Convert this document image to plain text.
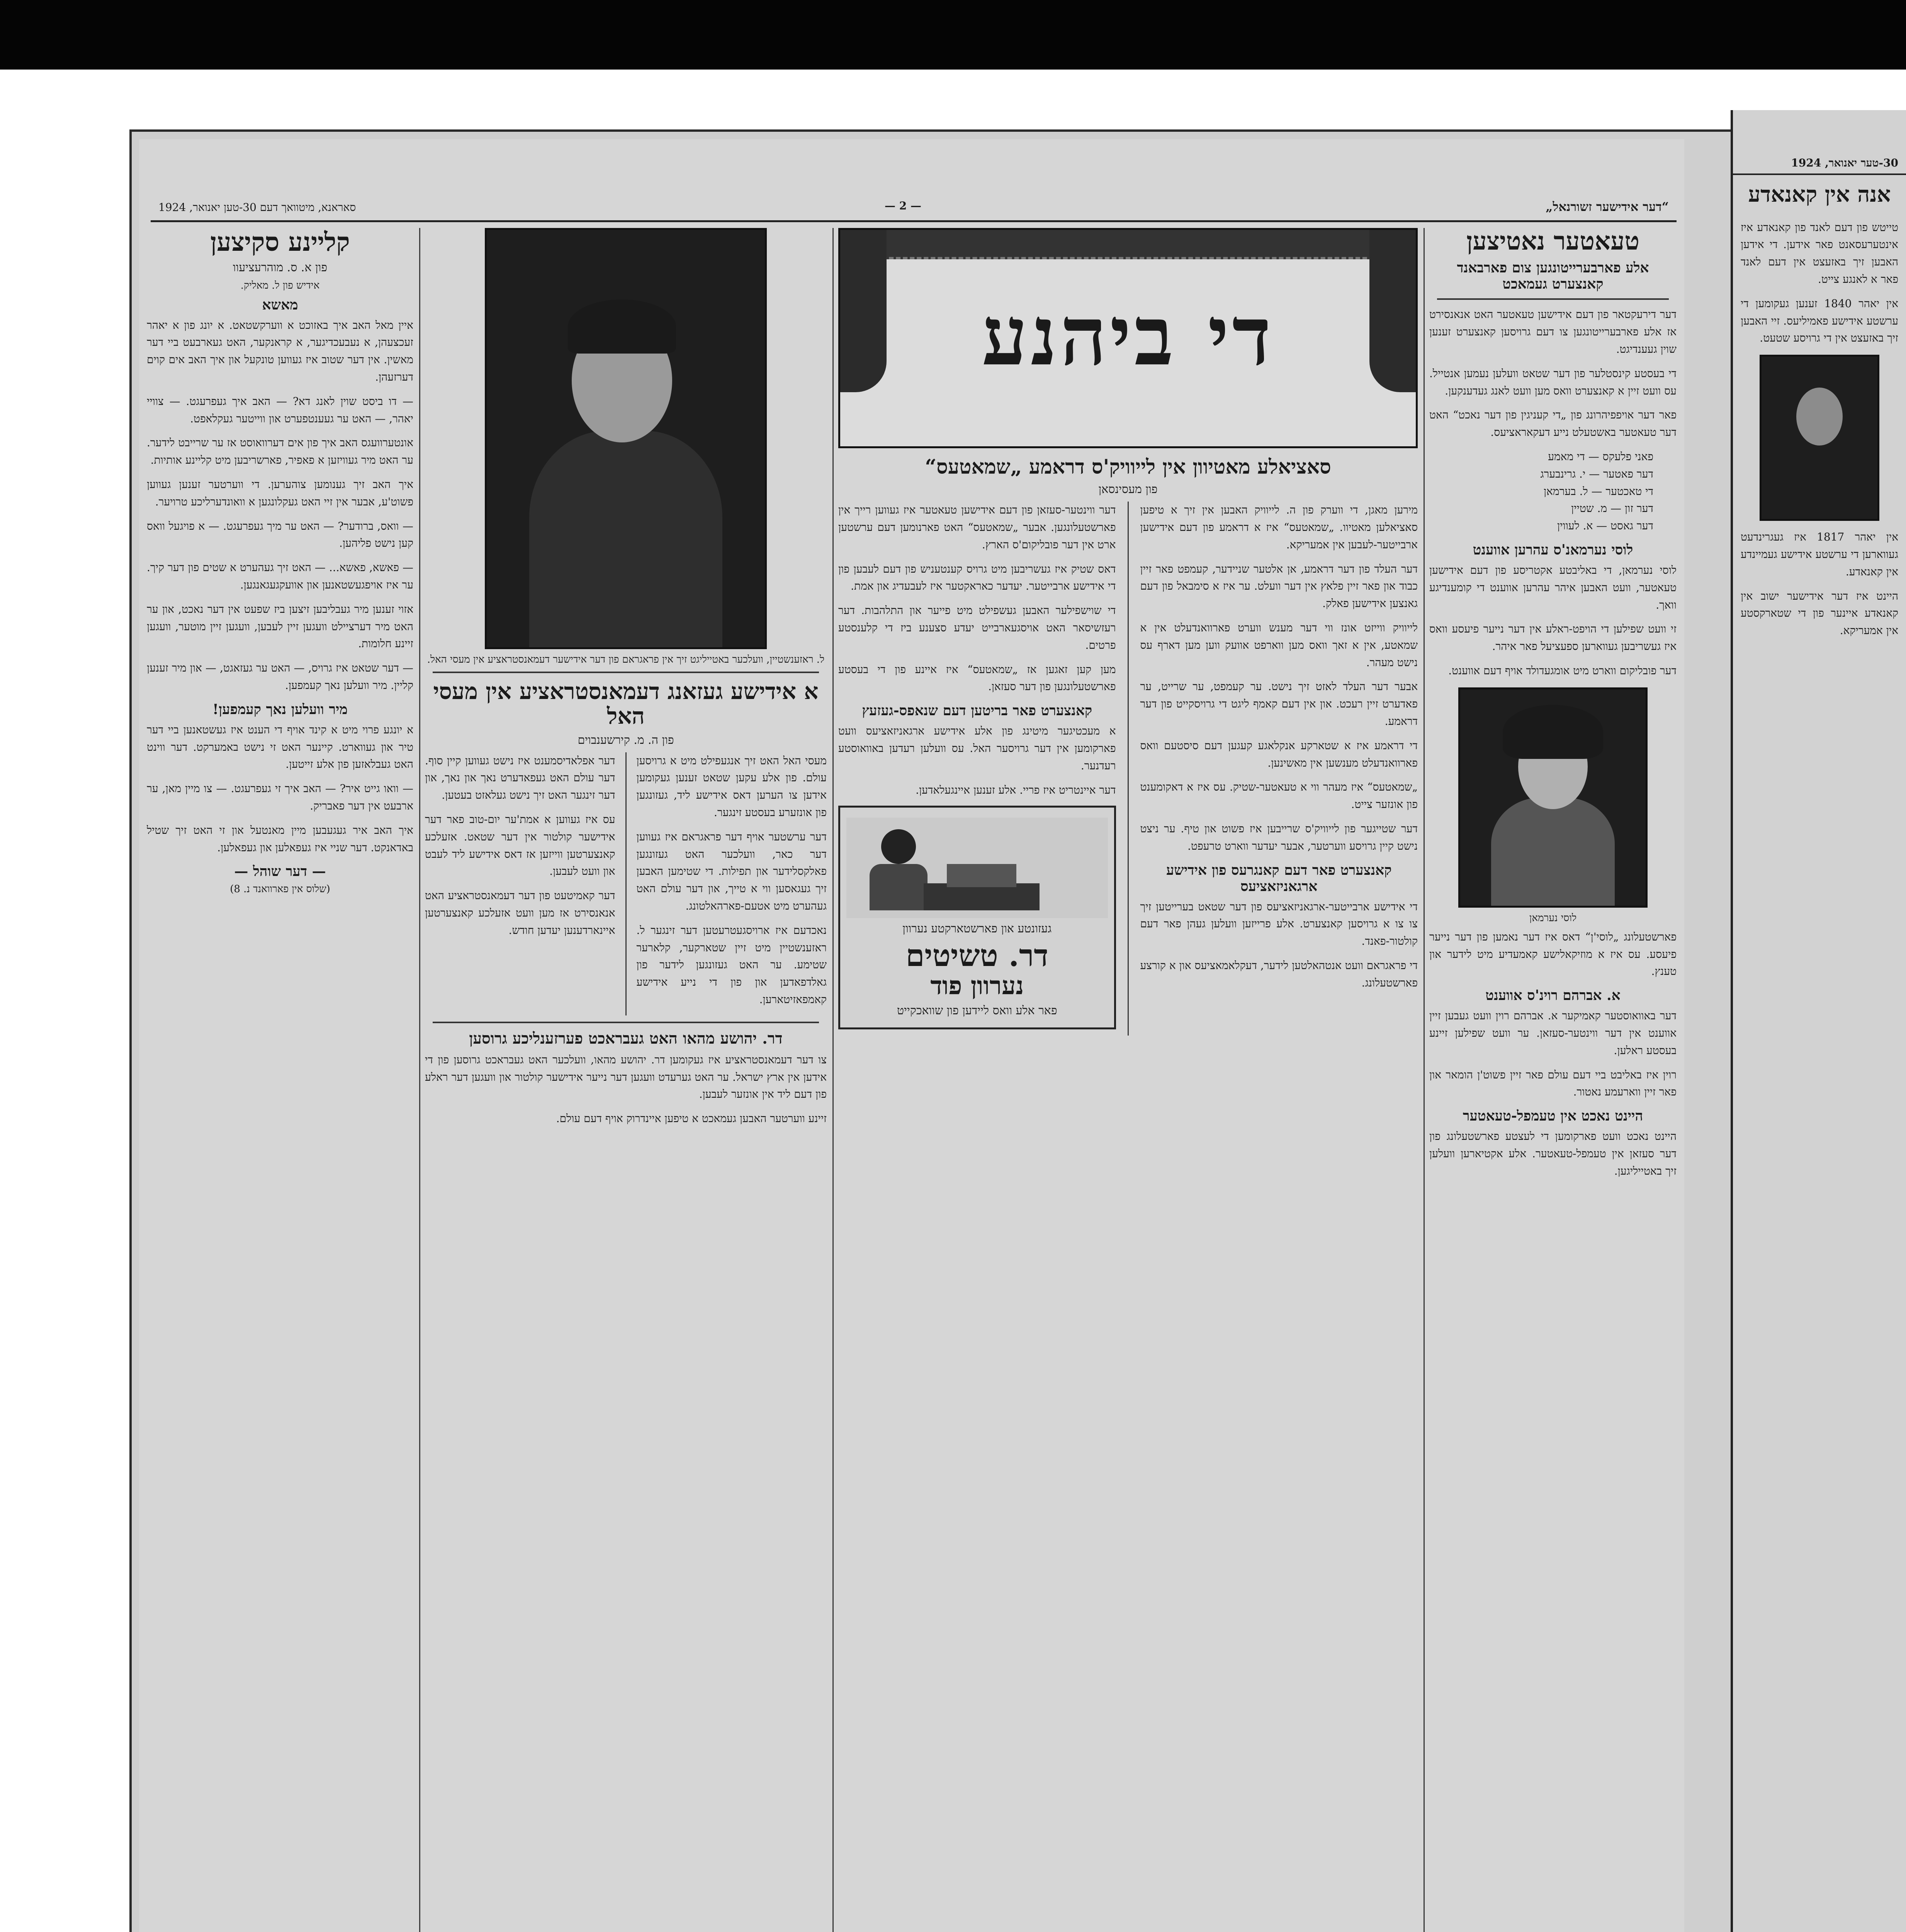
סאראנא, מיטוואך דעם 30-טען יאנואר, 1924	— 2 —	„דער אידישער זשורנאל“
טעאטער נאטיצען
אלע פארבערייטונגען צום פארבאנד קאנצערט געמאכט

דער דירעקטאר פון דעם אידישען טעאטער האט אנאנסירט אז אלע פארבערייטונגען צו דעם גרויסען קאנצערט זענען שוין געענדיגט.

די בעסטע קינסטלער פון דער שטאט וועלען נעמען אנטייל. עס וועט זיין א קאנצערט וואס מען וועט לאנג געדענקען.

פאר דער אויפפיהרונג פון „די קעניגין פון דער נאכט“ האט דער טעאטער באשטעלט נייע דעקאראציעס.

פאני פלעקס — די מאמע
דער פאטער — י. גרינבערג
די טאכטער — ל. בערמאן
דער זון — מ. שטיין
דער גאסט — א. לעווין
לוסי נערמאנ'ס עהרען אווענט

לוסי נערמאן, די באליבטע אקטריסע פון דעם אידישען טעאטער, וועט האבען איהר עהרען אווענט די קומענדיגע וואך.

זי וועט שפילען די הויפט-ראלע אין דער נייער פיעסע וואס איז געשריבען געווארען ספעציעל פאר איהר.

דער פובליקום ווארט מיט אומגעדולד אויף דעם אווענט.

לוסי נערמאן

פארשטעלונג „לוסי'ן“ דאס איז דער נאמען פון דער נייער פיעסע. עס איז א מוזיקאלישע קאמעדיע מיט לידער און טענץ.

א. אברהם רוינ'ס אווענט

דער באוואוסטער קאמיקער א. אברהם רוין וועט געבען זיין אווענט אין דער ווינטער-סעזאן. ער וועט שפילען זיינע בעסטע ראלען.

רוין איז באליבט ביי דעם עולם פאר זיין פשוט'ן הומאר און פאר זיין ווארעמע נאטור.

היינט נאכט אין טעמפל-טעאטער

היינט נאכט וועט פארקומען די לעצטע פארשטעלונג פון דער סעזאן אין טעמפל-טעאטער. אלע אקטיארען וועלען זיך באטייליגען.

די ביהנע
סאציאלע מאטיוון אין לייוויק'ס דראמע „שמאטעס“
פון מעסינסאן

מירען מאגן, די ווערק פון ה. לייוויק האבען אין זיך א טיפען סאציאלען מאטיוו. „שמאטעס“ איז א דראמע פון דעם אידישען ארבייטער-לעבען אין אמעריקא.

דער העלד פון דער דראמע, אן אלטער שניידער, קעמפט פאר זיין כבוד און פאר זיין פלאץ אין דער וועלט. ער איז א סימבאל פון דעם גאנצען אידישען פאלק.

לייוויק ווייזט אונז ווי דער מענש ווערט פארוואנדעלט אין א שמאטע, אין א זאך וואס מען ווארפט אוועק ווען מען דארף עס נישט מעהר.

אבער דער העלד לאזט זיך נישט. ער קעמפט, ער שרייט, ער פאדערט זיין רעכט. און אין דעם קאמף ליגט די גרויסקייט פון דער דראמע.

די דראמע איז א שטארקע אנקלאגע קעגען דעם סיסטעם וואס פארוואנדעלט מענשען אין מאשינען.

„שמאטעס“ איז מעהר ווי א טעאטער-שטיק. עס איז א דאקומענט פון אונזער צייט.

דער שטייגער פון לייוויק'ס שרייבען איז פשוט און טיף. ער ניצט נישט קיין גרויסע ווערטער, אבער יעדער ווארט טרעפט.

קאנצערט פאר דעם קאנגרעס פון אידישע ארגאניזאציעס

די אידישע ארבייטער-ארגאניזאציעס פון דער שטאט בערייטען זיך צו צו א גרויסען קאנצערט. אלע פרייזען וועלען געהן פאר דעם קולטור-פאנד.

די פראגראם וועט אנטהאלטען לידער, דעקלאמאציעס און א קורצע פארשטעלונג.

דער ווינטער-סעזאן פון דעם אידישען טעאטער איז געווען רייך אין פארשטעלונגען. אבער „שמאטעס“ האט פארנומען דעם ערשטען ארט אין דער פובליקום'ס הארץ.

דאס שטיק איז געשריבען מיט גרויס קענטעניש פון דעם לעבען פון די אידישע ארבייטער. יעדער כאראקטער איז לעבעדיג און אמת.

די שוישפילער האבען געשפילט מיט פייער און התלהבות. דער רעזשיסאר האט אויסגעארבייט יעדע סצענע ביז די קלענסטע פרטים.

מען קען זאגען אז „שמאטעס“ איז איינע פון די בעסטע פארשטעלונגען פון דער סעזאן.

קאנצערט פאר בריטען דעם שנאפס-געזעץ

א מעכטיגער מיטינג פון אלע אידישע ארגאניזאציעס וועט פארקומען אין דער גרויסער האל. עס וועלען רעדען באוואוסטע רעדנער.

דער איינטריט איז פריי. אלע זענען איינגעלאדען.

געזונטע און פארשטארקטע נערוון
דר. טשיטים
נערוון פוד
פאר אלע וואס ליידען פון שוואכקייט
ל. ראזענשטיין, וועלכער באטייליגט זיך אין פראגראם פון דער אידישער דעמאנסטראציע אין מעסי האל.
א אידישע געזאנג דעמאנסטראציע אין מעסי האל
פון ה. מ. קירשענבוים

מעסי האל האט זיך אנגעפילט מיט א גרויסען עולם. פון אלע עקען שטאט זענען געקומען אידען צו הערען דאס אידישע ליד, געזונגען פון אונזערע בעסטע זינגער.

דער ערשטער אויף דער פראגראם איז געווען דער כאר, וועלכער האט געזונגען פאלקסלידער און תפילות. די שטימען האבען זיך געגאסען ווי א טייך, און דער עולם האט געהערט מיט אטעם-פארהאלטונג.

נאכדעם איז ארויסגעטרעטען דער זינגער ל. ראזענשטיין מיט זיין שטארקער, קלארער שטימע. ער האט געזונגען לידער פון גאלדפאדען און פון די נייע אידישע קאמפאזיטארען.

דער אפלאדיסמענט איז נישט געווען קיין סוף. דער עולם האט געפאדערט נאך און נאך, און דער זינגער האט זיך נישט געלאזט בעטען.

עס איז געווען א אמת'ער יום-טוב פאר דער אידישער קולטור אין דער שטאט. אזעלכע קאנצערטען ווייזען אז דאס אידישע ליד לעבט און וועט לעבען.

דער קאמיטעט פון דער דעמאנסטראציע האט אנאנסירט אז מען וועט אזעלכע קאנצערטען איינארדענען יעדען חודש.

דר. יהושע מהאו האט געבראכט פערזענליכע גרוסען

צו דער דעמאנסטראציע איז געקומען דר. יהושע מהאו, וועלכער האט געבראכט גרוסען פון די אידען אין ארץ ישראל. ער האט גערעדט וועגען דער נייער אידישער קולטור און וועגען דער ראלע פון דעם ליד אין אונזער לעבען.

זיינע ווערטער האבען געמאכט א טיפען איינדרוק אויף דעם עולם.

קליינע סקיצען
פון א. ס. מוהרעציעוו
אידיש פון ל. מאליק.
מאשא

איין מאל האב איך באזוכט א ווערקשטאט. א יונג פון א יאהר זעכצעהן, א נעבעכדיגער, א קראנקער, האט געארבעט ביי דער מאשין. אין דער שטוב איז געווען טונקעל און איך האב אים קוים דערזעהן.

— דו ביסט שוין לאנג דא? — האב איך געפרעגט. — צוויי יאהר, — האט ער געענטפערט און ווייטער געקלאפט.

אונטערוועגס האב איך פון אים דערוואוסט אז ער שרייבט לידער. ער האט מיר געוויזען א פאפיר, פארשריבען מיט קליינע אותיות.

איך האב זיך גענומען צוהערען. די ווערטער זענען געווען פשוט'ע, אבער אין זיי האט געקלונגען א וואונדערליכע טרויער.

— וואס, ברודער? — האט ער מיך געפרעגט. — א פויגעל וואס קען נישט פליהען.

— פאשא, פאשא... — האט זיך געהערט א שטים פון דער קיך. ער איז אויפגעשטאנען און אוועקגעגאנגען.

אזוי זענען מיר געבליבען זיצען ביז שפעט אין דער נאכט, און ער האט מיר דערציילט וועגען זיין לעבען, וועגען זיין מוטער, וועגען זיינע חלומות.

— דער שטאט איז גרויס, — האט ער געזאגט, — און מיר זענען קליין. מיר וועלען נאך קעמפען.

מיר וועלען נאך קעמפען!

א יונגע פרוי מיט א קינד אויף די הענט איז געשטאנען ביי דער טיר און געווארט. קיינער האט זי נישט באמערקט. דער ווינט האט געבלאזען פון אלע זייטען.

— וואו גייט איר? — האב איך זי געפרעגט. — צו מיין מאן, ער ארבעט אין דער פאבריק.

איך האב איר געגעבען מיין מאנטעל און זי האט זיך שטיל באדאנקט. דער שניי איז געפאלען און געפאלען.

— דער שוהל —
(שלוס אין פארוואנד נ. 8)
30-טער יאנואר, 1924
אנה אין קאנאדע

טייטש פון דעם לאנד פון קאנאדע איז אינטערעסאנט פאר אידען. די אידען האבען זיך באזעצט אין דעם לאנד פאר א לאנגע צייט.

אין יאהר 1840 זענען געקומען די ערשטע אידישע פאמיליעס. זיי האבען זיך באזעצט אין די גרויסע שטעט.

אין יאהר 1817 איז געגרינדעט געווארען די ערשטע אידישע געמיינדע אין קאנאדע.

היינט איז דער אידישער ישוב אין קאנאדע איינער פון די שטארקסטע אין אמעריקא.
